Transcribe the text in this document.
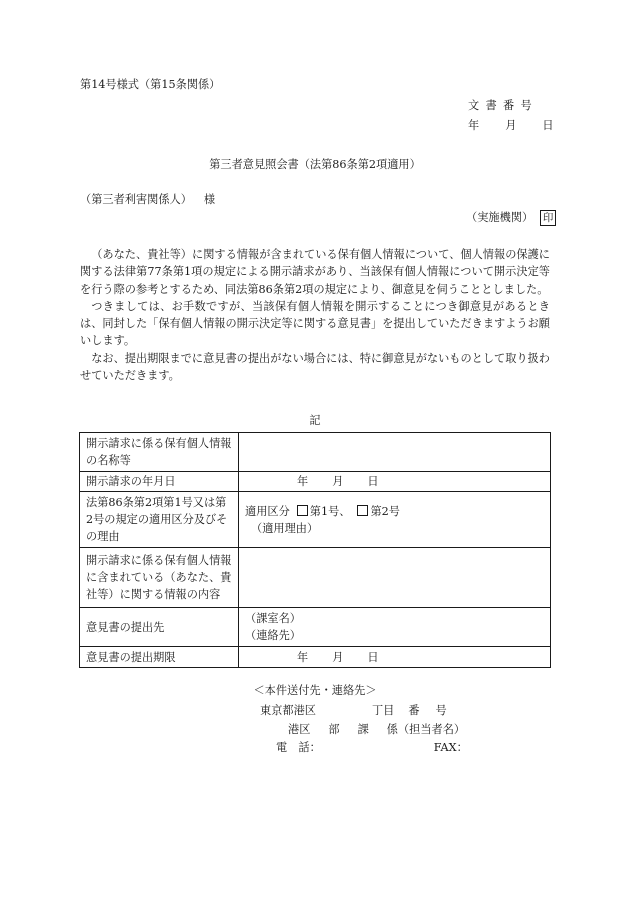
第14号様式（第15条関係）
文書番号
年 月 日
第三者意見照会書（法第86条第2項適用）
（第三者利害関係人） 様
（実施機関） 印

（あなた、貴社等）に関する情報が含まれている保有個人情報について、個人情報の保護に関する法律第77条第1項の規定による開示請求があり、当該保有個人情報について開示決定等を行う際の参考とするため、同法第86条第2項の規定により、御意見を伺うこととしました。

つきましては、お手数ですが、当該保有個人情報を開示することにつき御意見があるときは、同封した「保有個人情報の開示決定等に関する意見書」を提出していただきますようお願いします。

なお、提出期限までに意見書の提出がない場合には、特に御意見がないものとして取り扱わせていただきます。

記
開示請求に係る保有個人情報の名称等	
開示請求の年月日	年 月 日
法第86条第2項第1号又は第2号の規定の適用区分及びその理由	適用区分 第1号、 第2号
（適用理由）

開示請求に係る保有個人情報に含まれている（あなた、貴社等）に関する情報の内容	
意見書の提出先	（課室名）
（連絡先）

意見書の提出期限	年 月 日
＜本件送付先・連絡先＞
東京都港区	丁目 番 号
港区 部 課 係（担当者名）
電　話：	FAX：
